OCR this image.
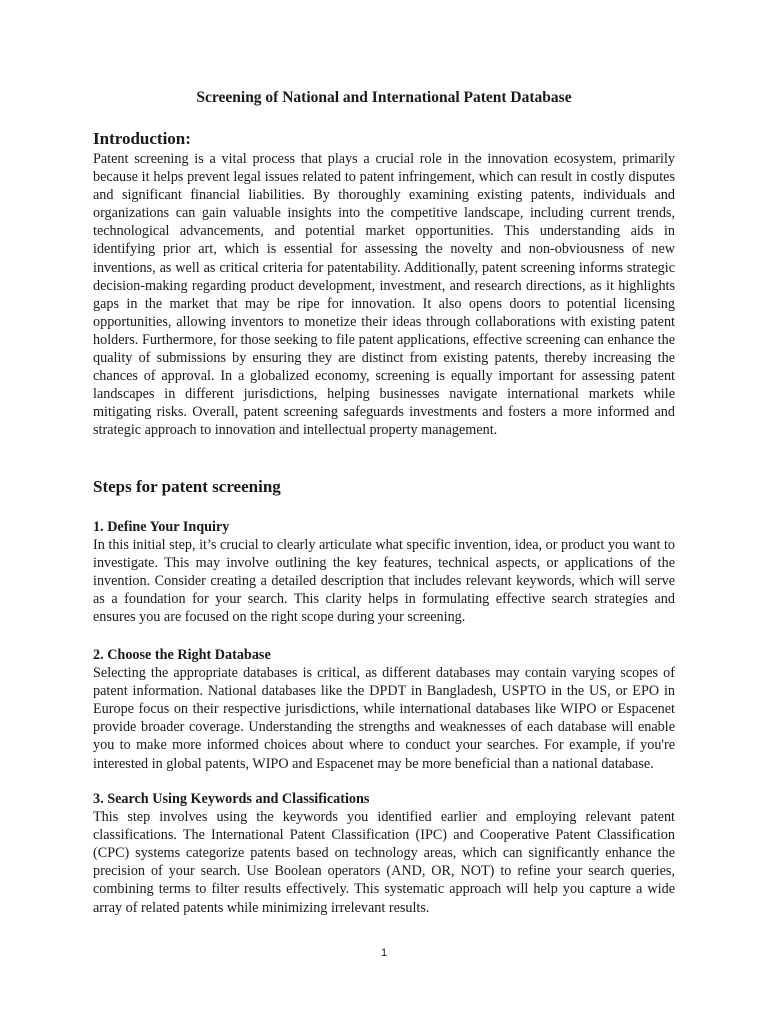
Screening of National and International Patent Database
Introduction:

Patent screening is a vital process that plays a crucial role in the innovation ecosystem, primarily because it helps prevent legal issues related to patent infringement, which can result in costly disputes and significant financial liabilities. By thoroughly examining existing patents, individuals and organizations can gain valuable insights into the competitive landscape, including current trends, technological advancements, and potential market opportunities. This understanding aids in identifying prior art, which is essential for assessing the novelty and non-obviousness of new inventions, as well as critical criteria for patentability. Additionally, patent screening informs strategic decision-making regarding product development, investment, and research directions, as it highlights gaps in the market that may be ripe for innovation. It also opens doors to potential licensing opportunities, allowing inventors to monetize their ideas through collaborations with existing patent holders. Furthermore, for those seeking to file patent applications, effective screening can enhance the quality of submissions by ensuring they are distinct from existing patents, thereby increasing the chances of approval. In a globalized economy, screening is equally important for assessing patent landscapes in different jurisdictions, helping businesses navigate international markets while mitigating risks. Overall, patent screening safeguards investments and fosters a more informed and strategic approach to innovation and intellectual property management.

Steps for patent screening

1. Define Your Inquiry

In this initial step, it’s crucial to clearly articulate what specific invention, idea, or product you want to investigate. This may involve outlining the key features, technical aspects, or applications of the invention. Consider creating a detailed description that includes relevant keywords, which will serve as a foundation for your search. This clarity helps in formulating effective search strategies and ensures you are focused on the right scope during your screening.

2. Choose the Right Database

Selecting the appropriate databases is critical, as different databases may contain varying scopes of patent information. National databases like the DPDT in Bangladesh, USPTO in the US, or EPO in Europe focus on their respective jurisdictions, while international databases like WIPO or Espacenet provide broader coverage. Understanding the strengths and weaknesses of each database will enable you to make more informed choices about where to conduct your searches. For example, if you're interested in global patents, WIPO and Espacenet may be more beneficial than a national database.

3. Search Using Keywords and Classifications

This step involves using the keywords you identified earlier and employing relevant patent classifications. The International Patent Classification (IPC) and Cooperative Patent Classification (CPC) systems categorize patents based on technology areas, which can significantly enhance the precision of your search. Use Boolean operators (AND, OR, NOT) to refine your search queries, combining terms to filter results effectively. This systematic approach will help you capture a wide array of related patents while minimizing irrelevant results.

1
